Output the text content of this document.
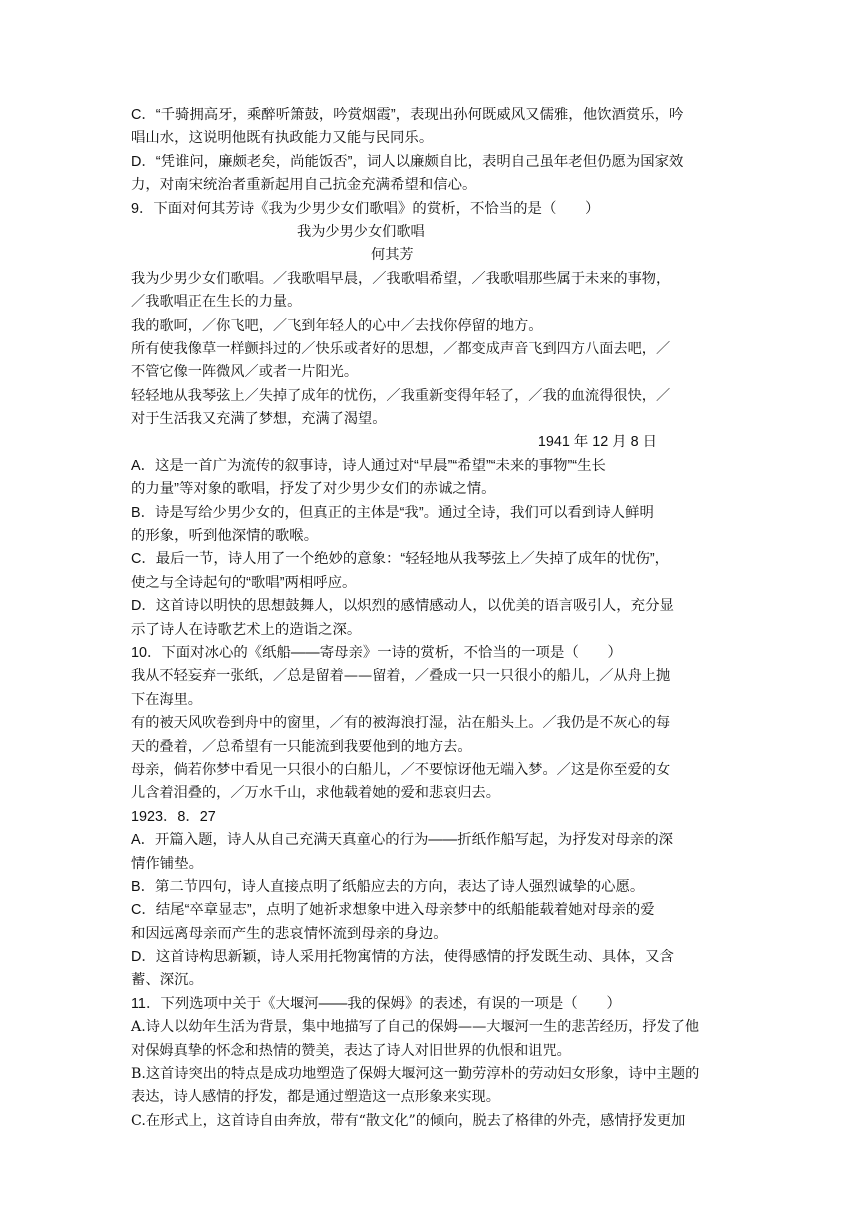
C．“千骑拥高牙，乘醉听箫鼓，吟赏烟霞”，表现出孙何既威风又儒雅，他饮酒赏乐，吟
唱山水，这说明他既有执政能力又能与民同乐。
D．“凭谁问，廉颇老矣，尚能饭否”，词人以廉颇自比，表明自己虽年老但仍愿为国家效
力，对南宋统治者重新起用自己抗金充满希望和信心。
9．下面对何其芳诗《我为少男少女们歌唱》的赏析，不恰当的是（　　）
我为少男少女们歌唱
何其芳
我为少男少女们歌唱。／我歌唱早晨，／我歌唱希望，／我歌唱那些属于未来的事物，
／我歌唱正在生长的力量。
我的歌呵，／你飞吧，／飞到年轻人的心中／去找你停留的地方。
所有使我像草一样颤抖过的／快乐或者好的思想，／都变成声音飞到四方八面去吧，／
不管它像一阵微风／或者一片阳光。
轻轻地从我琴弦上／失掉了成年的忧伤，／我重新变得年轻了，／我的血流得很快，／
对于生活我又充满了梦想，充满了渴望。
1941 年 12 月 8 日
A．这是一首广为流传的叙事诗，诗人通过对“早晨”“希望”“未来的事物”“生长
的力量”等对象的歌唱，抒发了对少男少女们的赤诚之情。
B．诗是写给少男少女的，但真正的主体是“我”。通过全诗，我们可以看到诗人鲜明
的形象，听到他深情的歌喉。
C．最后一节，诗人用了一个绝妙的意象：“轻轻地从我琴弦上／失掉了成年的忧伤”，
使之与全诗起句的“歌唱”两相呼应。
D．这首诗以明快的思想鼓舞人，以炽烈的感情感动人，以优美的语言吸引人，充分显
示了诗人在诗歌艺术上的造诣之深。
10．下面对冰心的《纸船——寄母亲》一诗的赏析，不恰当的一项是（　　）
我从不轻妄弃一张纸，／总是留着——留着，／叠成一只一只很小的船儿，／从舟上抛
下在海里。
有的被天风吹卷到舟中的窗里，／有的被海浪打湿，沾在船头上。／我仍是不灰心的每
天的叠着，／总希望有一只能流到我要他到的地方去。
母亲，倘若你梦中看见一只很小的白船儿，／不要惊讶他无端入梦。／这是你至爱的女
儿含着泪叠的，／万水千山，求他载着她的爱和悲哀归去。
1923．8．27
A．开篇入题，诗人从自己充满天真童心的行为——折纸作船写起，为抒发对母亲的深
情作铺垫。
B．第二节四句，诗人直接点明了纸船应去的方向，表达了诗人强烈诚挚的心愿。
C．结尾“卒章显志”，点明了她祈求想象中进入母亲梦中的纸船能载着她对母亲的爱
和因远离母亲而产生的悲哀情怀流到母亲的身边。
D．这首诗构思新颖，诗人采用托物寓情的方法，使得感情的抒发既生动、具体，又含
蓄、深沉。
11．下列选项中关于《大堰河——我的保姆》的表述，有误的一项是（　　）
A.诗人以幼年生活为背景，集中地描写了自己的保姆——大堰河一生的悲苦经历，抒发了他
对保姆真挚的怀念和热情的赞美，表达了诗人对旧世界的仇恨和诅咒。
B.这首诗突出的特点是成功地塑造了保姆大堰河这一勤劳淳朴的劳动妇女形象，诗中主题的
表达，诗人感情的抒发，都是通过塑造这一点形象来实现。
C.在形式上，这首诗自由奔放，带有“散文化”的倾向，脱去了格律的外壳，感情抒发更加
